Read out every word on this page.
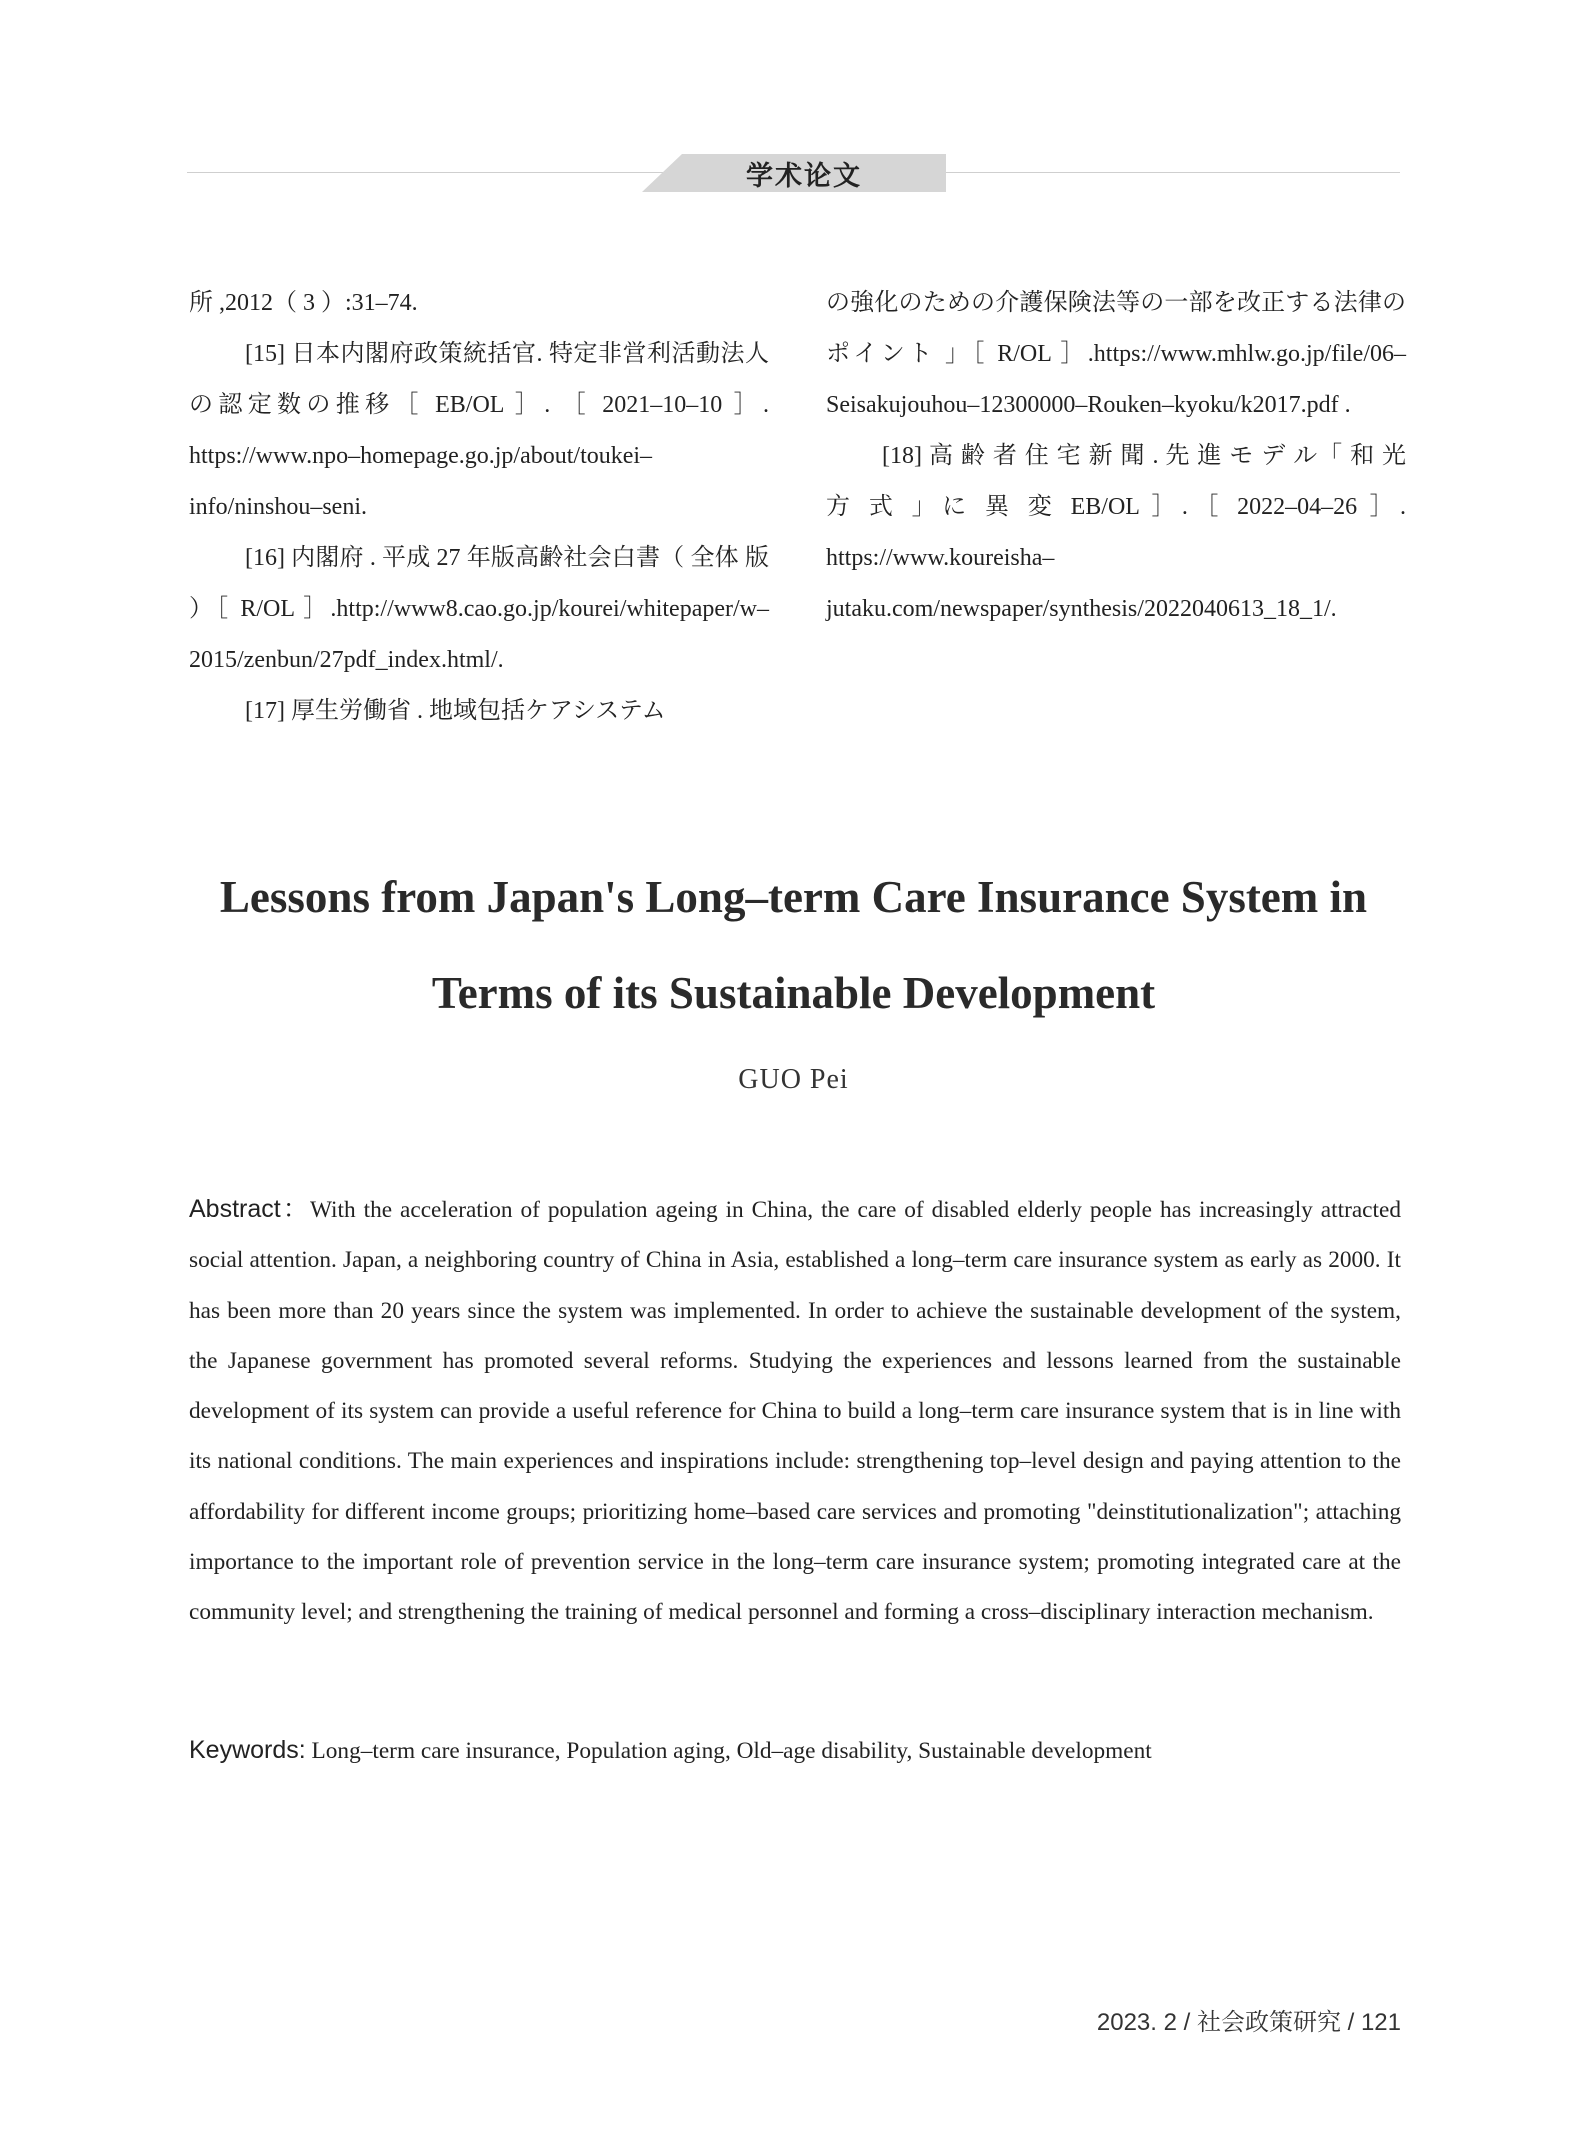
学术论文

所 ,2012（ 3 ）:31–74.

[15] 日本内閣府政策統括官. 特定非営利活動法人の認定数の推移［ EB/OL ］. ［ 2021–10–10 ］. https://www.npo–homepage.go.jp/about/toukei–info/ninshou–seni.

[16] 内閣府 . 平成 27 年版高齢社会白書（ 全体 版 ）［ R/OL ］.http://www8.cao.go.jp/kourei/whitepaper/w–2015/zenbun/27pdf_index.html/.

[17] 厚生労働省 . 地域包括ケアシステム

の強化のための介護保険法等の一部を改正する法律のポイント 」［ R/OL ］.https://www.mhlw.go.jp/file/06–Seisakujouhou–12300000–Rouken–kyoku/k2017.pdf .

[18] 高 齢 者 住 宅 新 聞 . 先 進 モ デ ル「 和 光 方 式 」に 異 変 EB/OL ］.［ 2022–04–26 ］. https://www.koureisha–jutaku.com/newspaper/synthesis/2022040613_18_1/.

Lessons from Japan's Long–term Care Insurance System in
Terms of its Sustainable Development
GUO Pei

Abstract：With the acceleration of population ageing in China, the care of disabled elderly people has increasingly attracted social attention. Japan, a neighboring country of China in Asia, established a long–term care insurance system as early as 2000. It has been more than 20 years since the system was implemented. In order to achieve the sustainable development of the system, the Japanese government has promoted several reforms. Studying the experiences and lessons learned from the sustainable development of its system can provide a useful reference for China to build a long–term care insurance system that is in line with its national conditions. The main experiences and inspirations include: strengthening top–level design and paying attention to the affordability for different income groups; prioritizing home–based care services and promoting "deinstitutionalization"; attaching importance to the important role of prevention service in the long–term care insurance system; promoting integrated care at the community level; and strengthening the training of medical personnel and forming a cross–disciplinary interaction mechanism.

Keywords: Long–term care insurance, Population aging, Old–age disability, Sustainable development

2023. 2 / 社会政策研究 / 121
